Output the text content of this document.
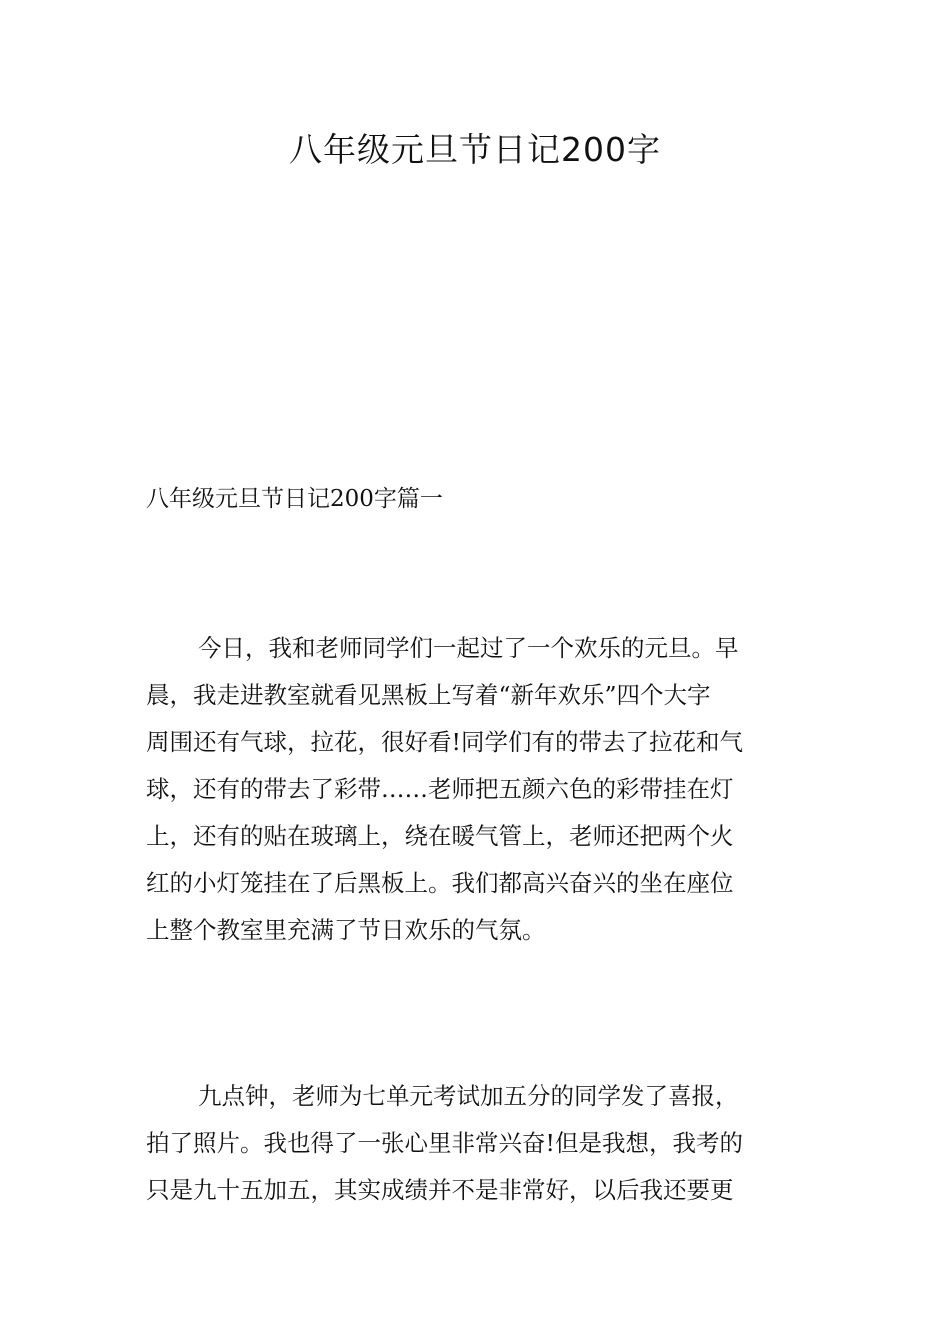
八年级元旦节日记200字
八年级元旦节日记200字篇一
今日，我和老师同学们一起过了一个欢乐的元旦。早
晨，我走进教室就看见黑板上写着“新年欢乐”四个大字
周围还有气球，拉花，很好看!同学们有的带去了拉花和气
球，还有的带去了彩带……老师把五颜六色的彩带挂在灯
上，还有的贴在玻璃上，绕在暖气管上，老师还把两个火
红的小灯笼挂在了后黑板上。我们都高兴奋兴的坐在座位
上整个教室里充满了节日欢乐的气氛。
九点钟，老师为七单元考试加五分的同学发了喜报，
拍了照片。我也得了一张心里非常兴奋!但是我想，我考的
只是九十五加五，其实成绩并不是非常好，以后我还要更
